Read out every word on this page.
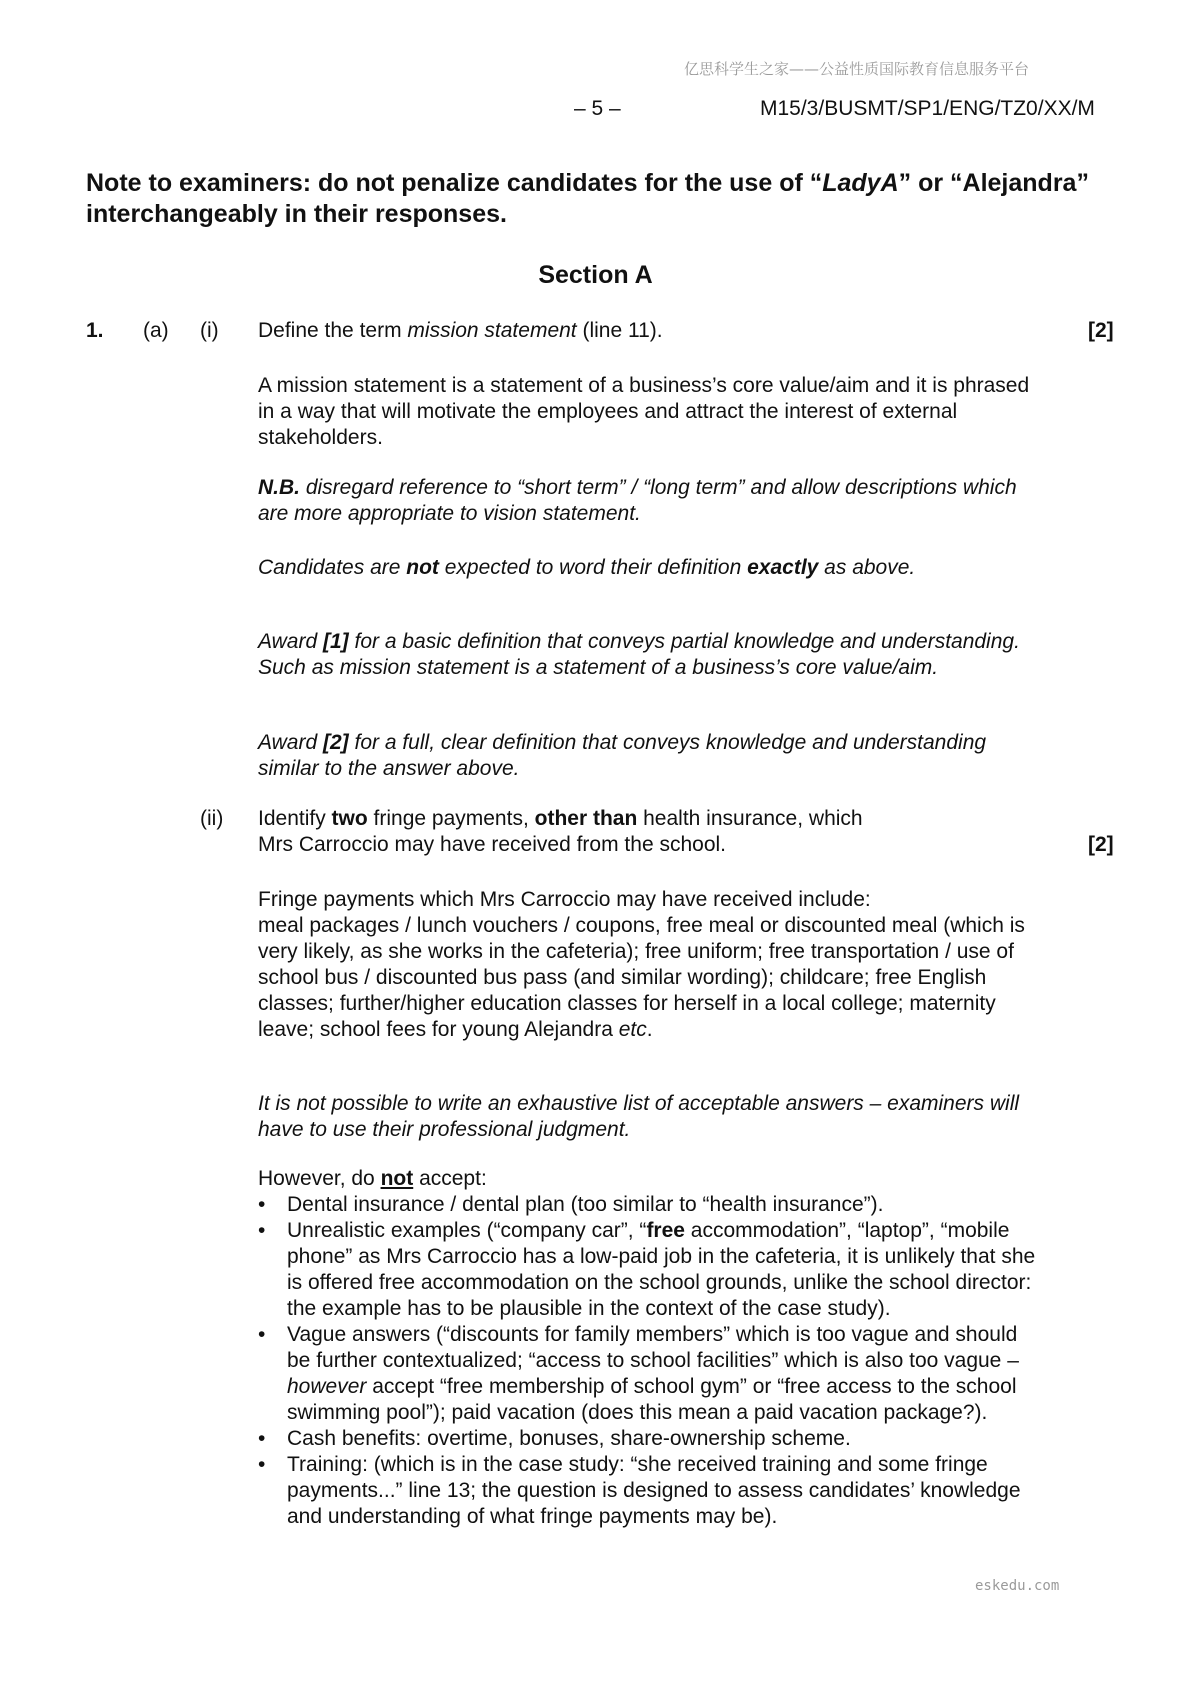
亿思科学生之家——公益性质国际教育信息服务平台
eskedu.com
– 5 –	M15/3/BUSMT/SP1/ENG/TZ0/XX/M
Note to examiners: do not penalize candidates for the use of “LadyA” or “Alejandra” interchangeably in their responses.
Section A
1. (a) (i) Define the term mission statement (line 11).	[2]

A mission statement is a statement of a business’s core value/aim and it is phrased in a way that will motivate the employees and attract the interest of external stakeholders.

N.B. disregard reference to “short term” / “long term” and allow descriptions which are more appropriate to vision statement.

Candidates are not expected to word their definition exactly as above.

Award [1] for a basic definition that conveys partial knowledge and understanding. Such as mission statement is a statement of a business’s core value/aim.

Award [2] for a full, clear definition that conveys knowledge and understanding similar to the answer above.

(ii) Identify two fringe payments, other than health insurance, which
Mrs Carroccio may have received from the school.	[2]

Fringe payments which Mrs Carroccio may have received include:
meal packages / lunch vouchers / coupons, free meal or discounted meal (which is very likely, as she works in the cafeteria); free uniform; free transportation / use of school bus / discounted bus pass (and similar wording); childcare; free English classes; further/higher education classes for herself in a local college; maternity leave; school fees for young Alejandra etc.

It is not possible to write an exhaustive list of acceptable answers – examiners will have to use their professional judgment.

However, do not accept:

• Dental insurance / dental plan (too similar to “health insurance”).
• Unrealistic examples (“company car”, “free accommodation”, “laptop”, “mobile phone” as Mrs Carroccio has a low-paid job in the cafeteria, it is unlikely that she is offered free accommodation on the school grounds, unlike the school director: the example has to be plausible in the context of the case study).
• Vague answers (“discounts for family members” which is too vague and should be further contextualized; “access to school facilities” which is also too vague – however accept “free membership of school gym” or “free access to the school swimming pool”); paid vacation (does this mean a paid vacation package?).
• Cash benefits: overtime, bonuses, share-ownership scheme.
• Training: (which is in the case study: “she received training and some fringe payments...” line 13; the question is designed to assess candidates’ knowledge and understanding of what fringe payments may be).
